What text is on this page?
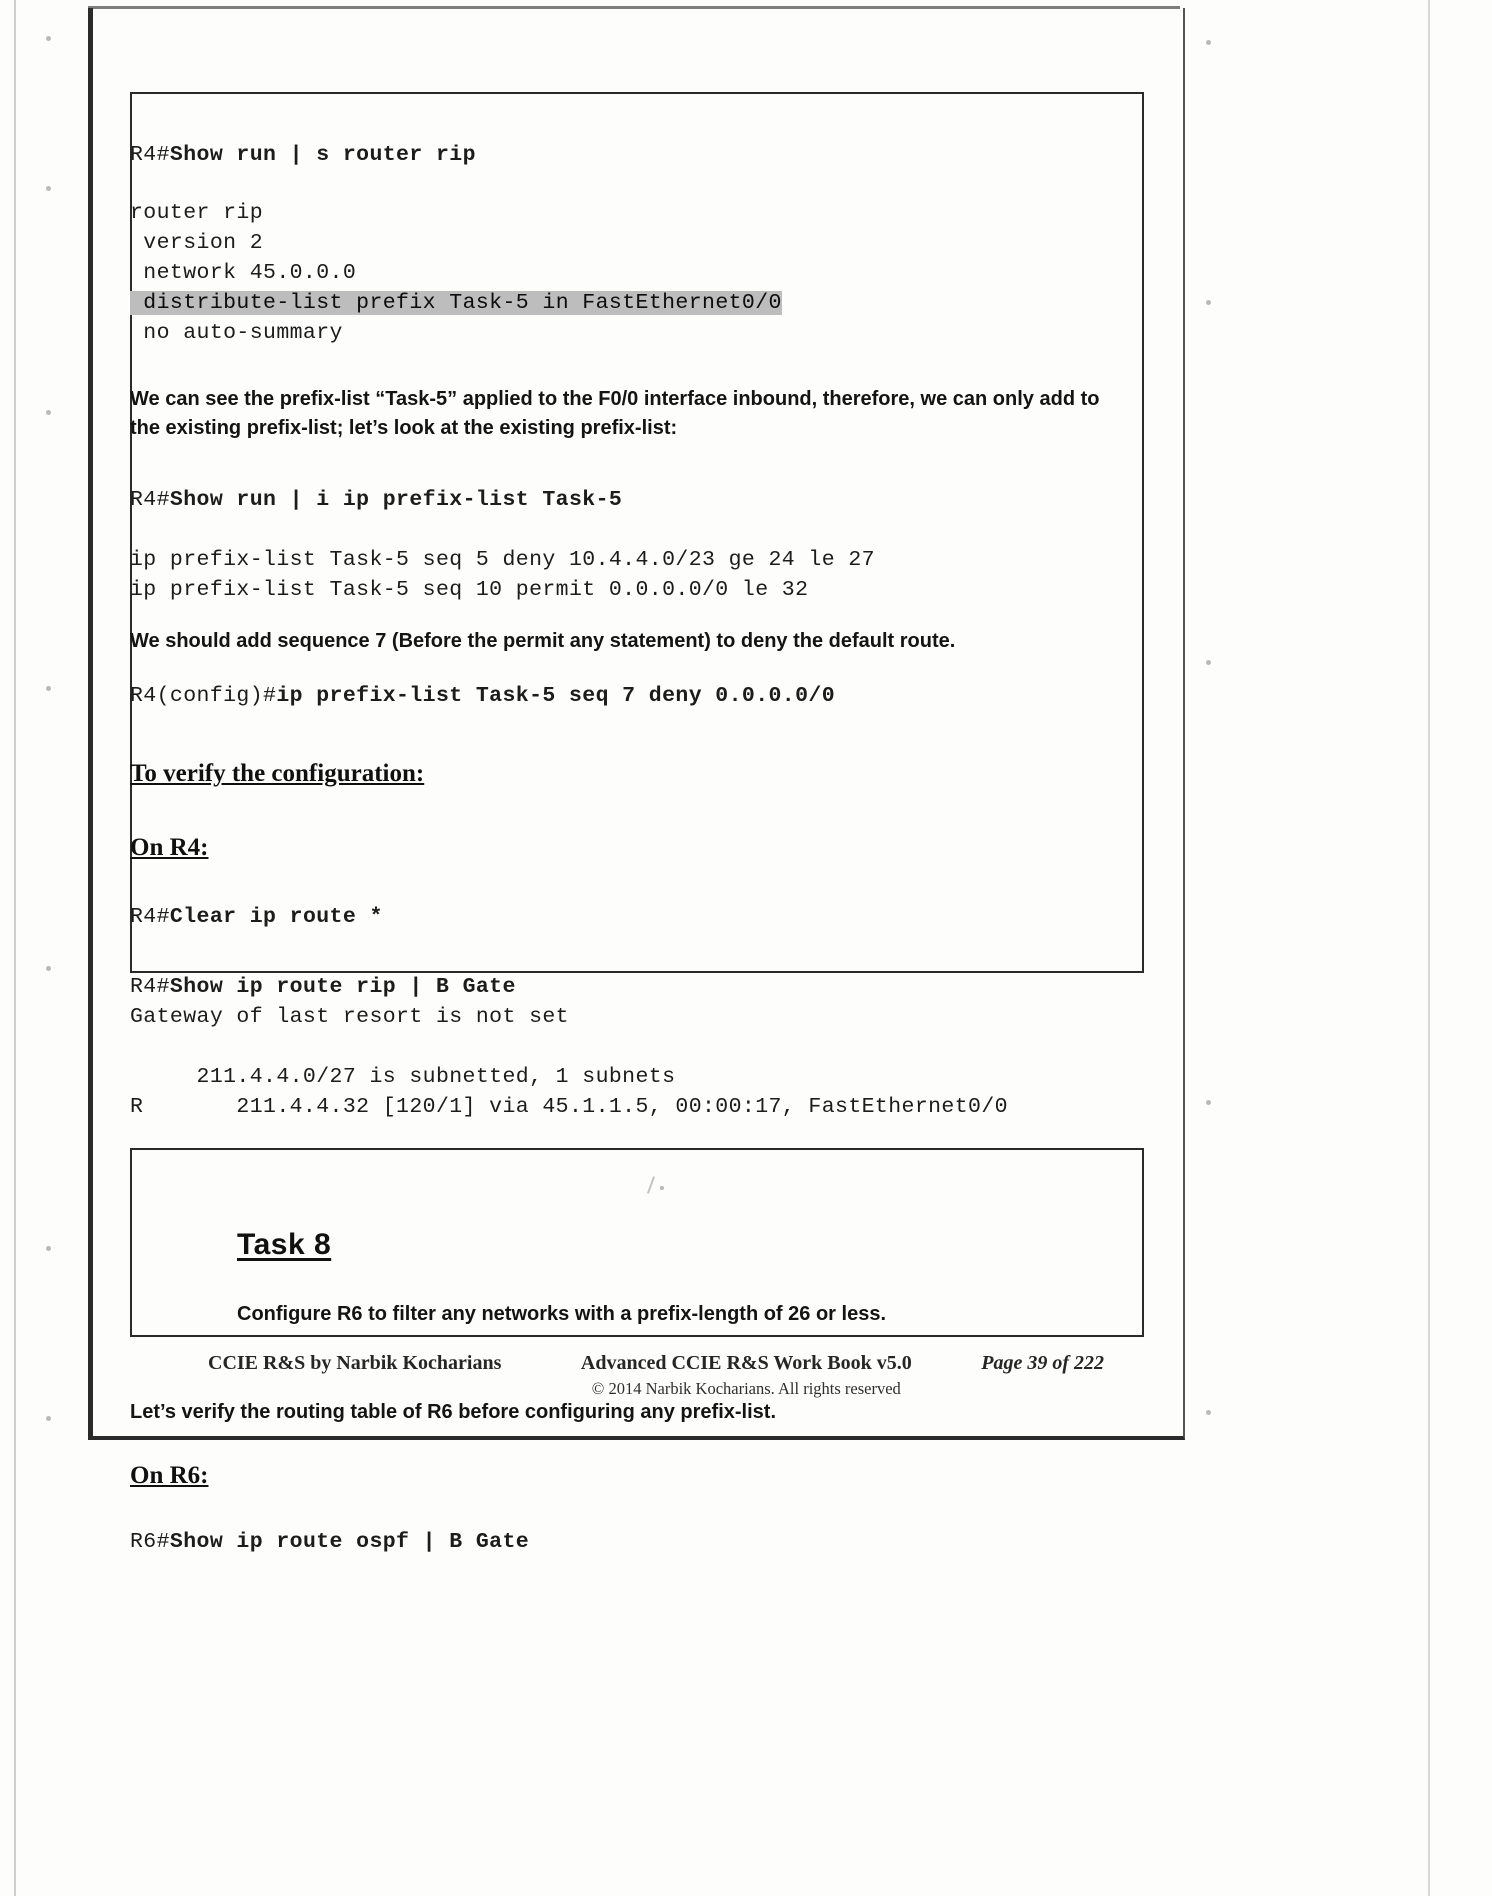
R4#Show run | s router rip
router rip
version 2
network 45.0.0.0
distribute-list prefix Task-5 in FastEthernet0/0
no auto-summary
We can see the prefix-list “Task-5” applied to the F0/0 interface inbound, therefore, we can only add to the existing prefix-list; let’s look at the existing prefix-list:
R4#Show run | i ip prefix-list Task-5
ip prefix-list Task-5 seq 5 deny 10.4.4.0/23 ge 24 le 27
ip prefix-list Task-5 seq 10 permit 0.0.0.0/0 le 32
We should add sequence 7 (Before the permit any statement) to deny the default route.
R4(config)#ip prefix-list Task-5 seq 7 deny 0.0.0.0/0
To verify the configuration:
On R4:
R4#Clear ip route *
R4#Show ip route rip | B Gate
Gateway of last resort is not set

211.4.4.0/27 is subnetted, 1 subnets
R       211.4.4.32 [120/1] via 45.1.1.5, 00:00:17, FastEthernet0/0
Task 8
Configure R6 to filter any networks with a prefix-length of 26 or less.
Let’s verify the routing table of R6 before configuring any prefix-list.
On R6:
R6#Show ip route ospf | B Gate
CCIE R&S by Narbik Kocharians	Advanced CCIE R&S Work Book v5.0
© 2014 Narbik Kocharians. All rights reserved
Page 39 of 222
